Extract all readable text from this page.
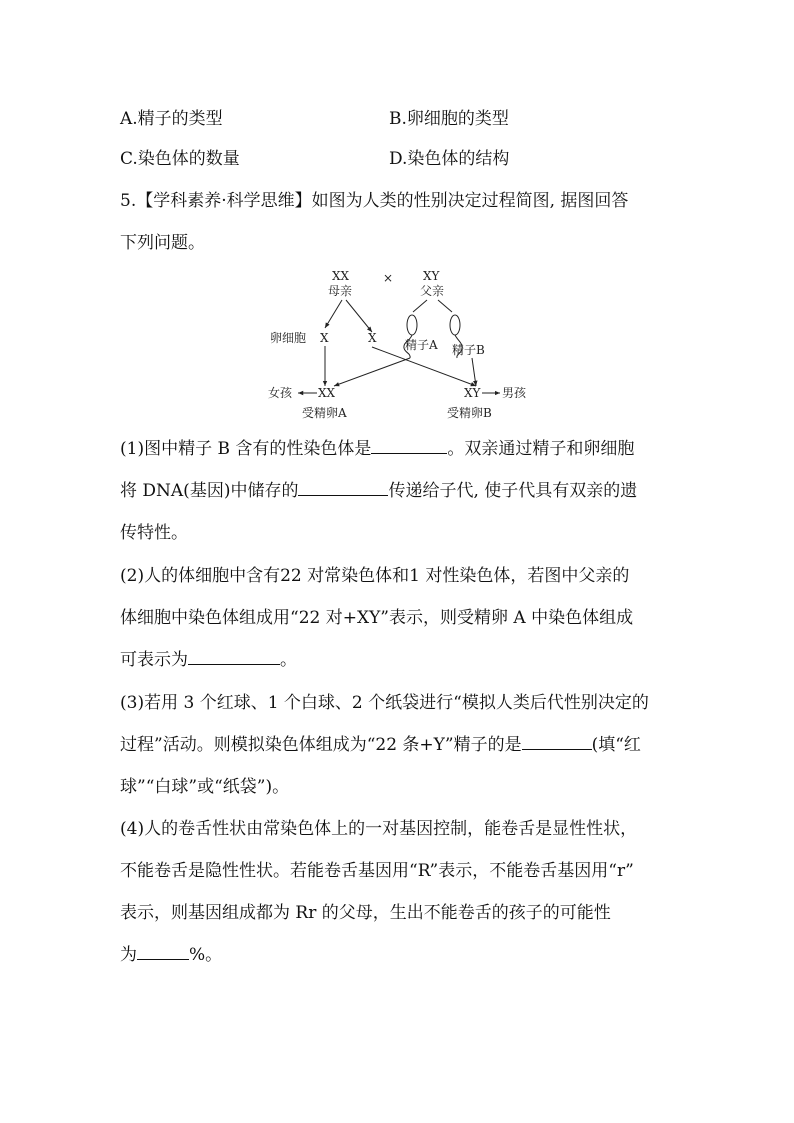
A.精子的类型	B.卵细胞的类型
C.染色体的数量	D.染色体的结构
5.【学科素养·科学思维】如图为人类的性别决定过程简图, 据图回答
下列问题。
XX
母亲
× XY
父亲
卵细胞 X	X 精子A 精子B
女孩 XX	XY 男孩
受精卵A	受精卵B
(1)图中精子 B 含有的性染色体是	。双亲通过精子和卵细胞
将 DNA(基因)中储存的	传递给子代, 使子代具有双亲的遗
传特性。
(2)人的体细胞中含有22 对常染色体和1 对性染色体，若图中父亲的
体细胞中染色体组成用“22 对+XY”表示，则受精卵 A 中染色体组成
可表示为	。
(3)若用 3 个红球、1 个白球、2 个纸袋进行“模拟人类后代性别决定的
过程”活动。则模拟染色体组成为“22 条+Y”精子的是	(填“红
球”“白球”或“纸袋”)。
(4)人的卷舌性状由常染色体上的一对基因控制，能卷舌是显性性状，
不能卷舌是隐性性状。若能卷舌基因用“R”表示，不能卷舌基因用“r”
表示，则基因组成都为 Rr 的父母，生出不能卷舌的孩子的可能性
为	%。
